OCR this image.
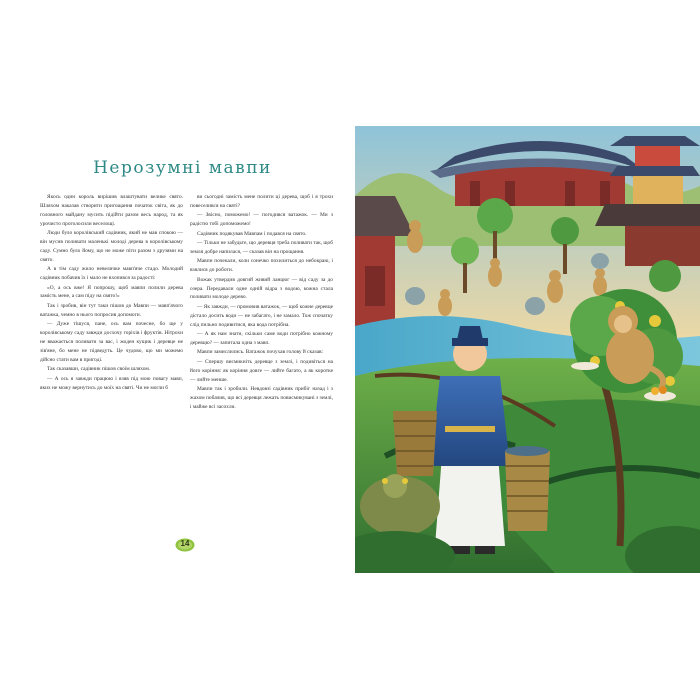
Нерозумні мавпи

Якось один король вирішив влаштувати велике свято. Шляхом наказав створити пригощання початок світа, як до головного майдану мусить підійти разом весь народ, та як урочисто проголосили веселощі.

Люди було королівський садівник, який не мав спокою — він мусив поливати маленькі молоді дерева в королівському саду. Сумно було йому, що не може піти разом з друзями на свято.

А в тім саду жило невеличке мавп'яче стадо. Молодий садівник побачив їх і мало не вхопився за радості:

«О, а ось вже! Я попрошу, щоб мавпи полили дерева замість мене, а сам піду на свято!»

Так і зробив, він тут таки пішов до Мавпи — мавп'ячого ватажка, чемно в нього попросив допомоги.

— Дуже тішуся, пане, ось вам почесне, бо ще у королівському саду завжди досхочу горіхів і фруктів. Нітрохи не вважається поливати за вас, і жоден кущик і деревце не зів'яне, бо мене не підведуть. Це чудово, що ми можемо дійсно стати вам в пригоді.

Так сказавши, садівник пішов своїм шляхом.

— А ось я завжди працюю і взяв під мою повагу мавп, яких не можу вернутись до моїх на святі. Чи не могли б

ви сьогодні замість мене полити ці дерева, щоб і я трохи повеселився на святі?

— Звісно, поможемо! — погодився ватажок. — Ми з радістю тобі допоможемо!

Садівник подякував Мавпам і подався на свято.

— Тільки не забудьте, що деревця треба поливати так, щоб земля добре напилася, — сказав він на прощання.

Мавпи почекали, коли сонечко похилиться до небокраю, і взялися до роботи.

Вожак утвердив довгий живий ланцюг — від саду за до озера. Передавали одне одній відра з водою, кожна стала поливати молоде дерево.

— Як завжди, — промовив ватажок, — щоб кожне деревце дістало досить води — не забагато, і не замало. Тож спочатку слід пильно подивитися, яка вода потрібна.

— А як нам знати, скільки саме води потрібно кожному деревцю? — запитала одна з мавп.

Мавпи замислились. Ватажок почухав голову й сказав:

— Спершу висмикніть деревце з землі, і подивіться на його коріння: як коріння довге — лийте багато, а як коротке — лийте менше.

Мавпи так і зробили. Невдовзі садівник прибіг назад і з жахом побачив, що всі деревця лежать повисмикувані з землі, і майже всі засохли.

14
